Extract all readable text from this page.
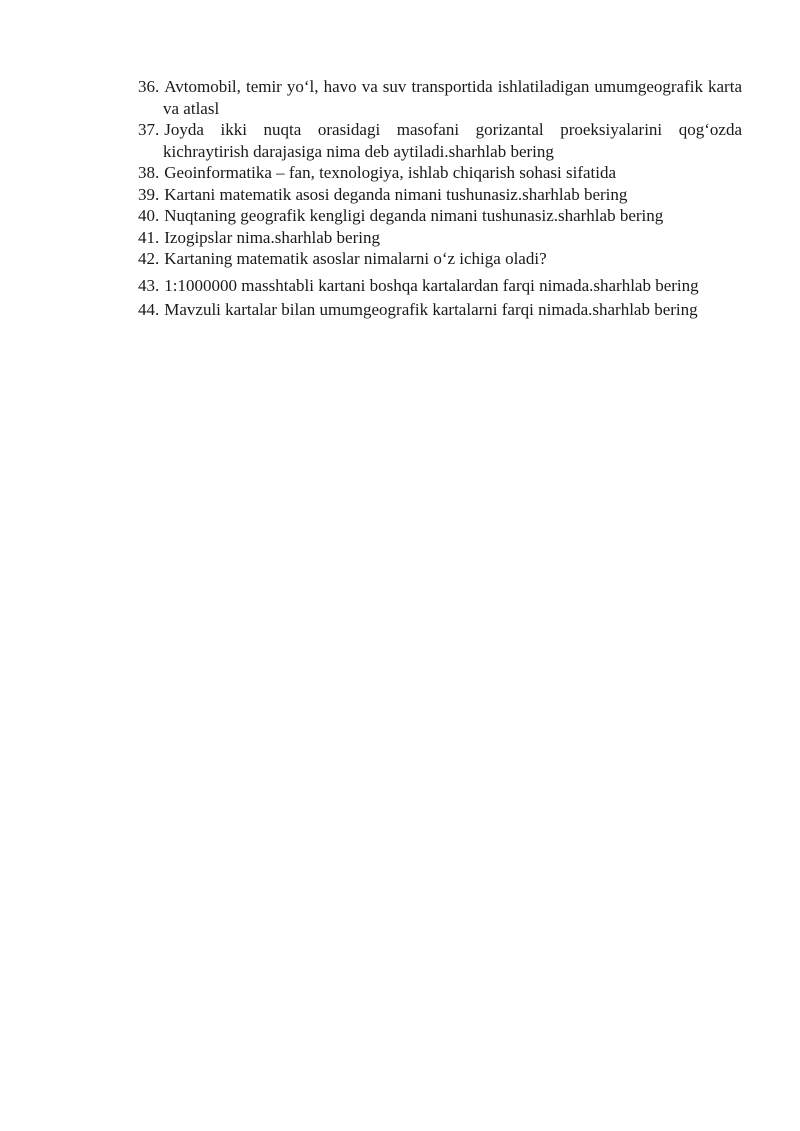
36. Avtomobil, temir yo‘l, havo va suv transportida ishlatiladigan umumgeografik karta va atlasl
37. Joyda ikki nuqta orasidagi masofani gorizantal proeksiyalarini qog‘ozda kichraytirish darajasiga nima deb aytiladi.sharhlab bering
38. Geoinformatika – fan, texnologiya, ishlab chiqarish sohasi sifatida
39. Kartani matematik asosi deganda nimani tushunasiz.sharhlab bering
40. Nuqtaning geografik kengligi deganda nimani tushunasiz.sharhlab bering
41. Izogipslar nima.sharhlab bering
42. Kartaning matematik asoslar nimalarni o‘z ichiga oladi?
43. 1:1000000 masshtabli kartani boshqa kartalardan farqi nimada.sharhlab bering
44. Mavzuli kartalar bilan umumgeografik kartalarni farqi nimada.sharhlab bering
